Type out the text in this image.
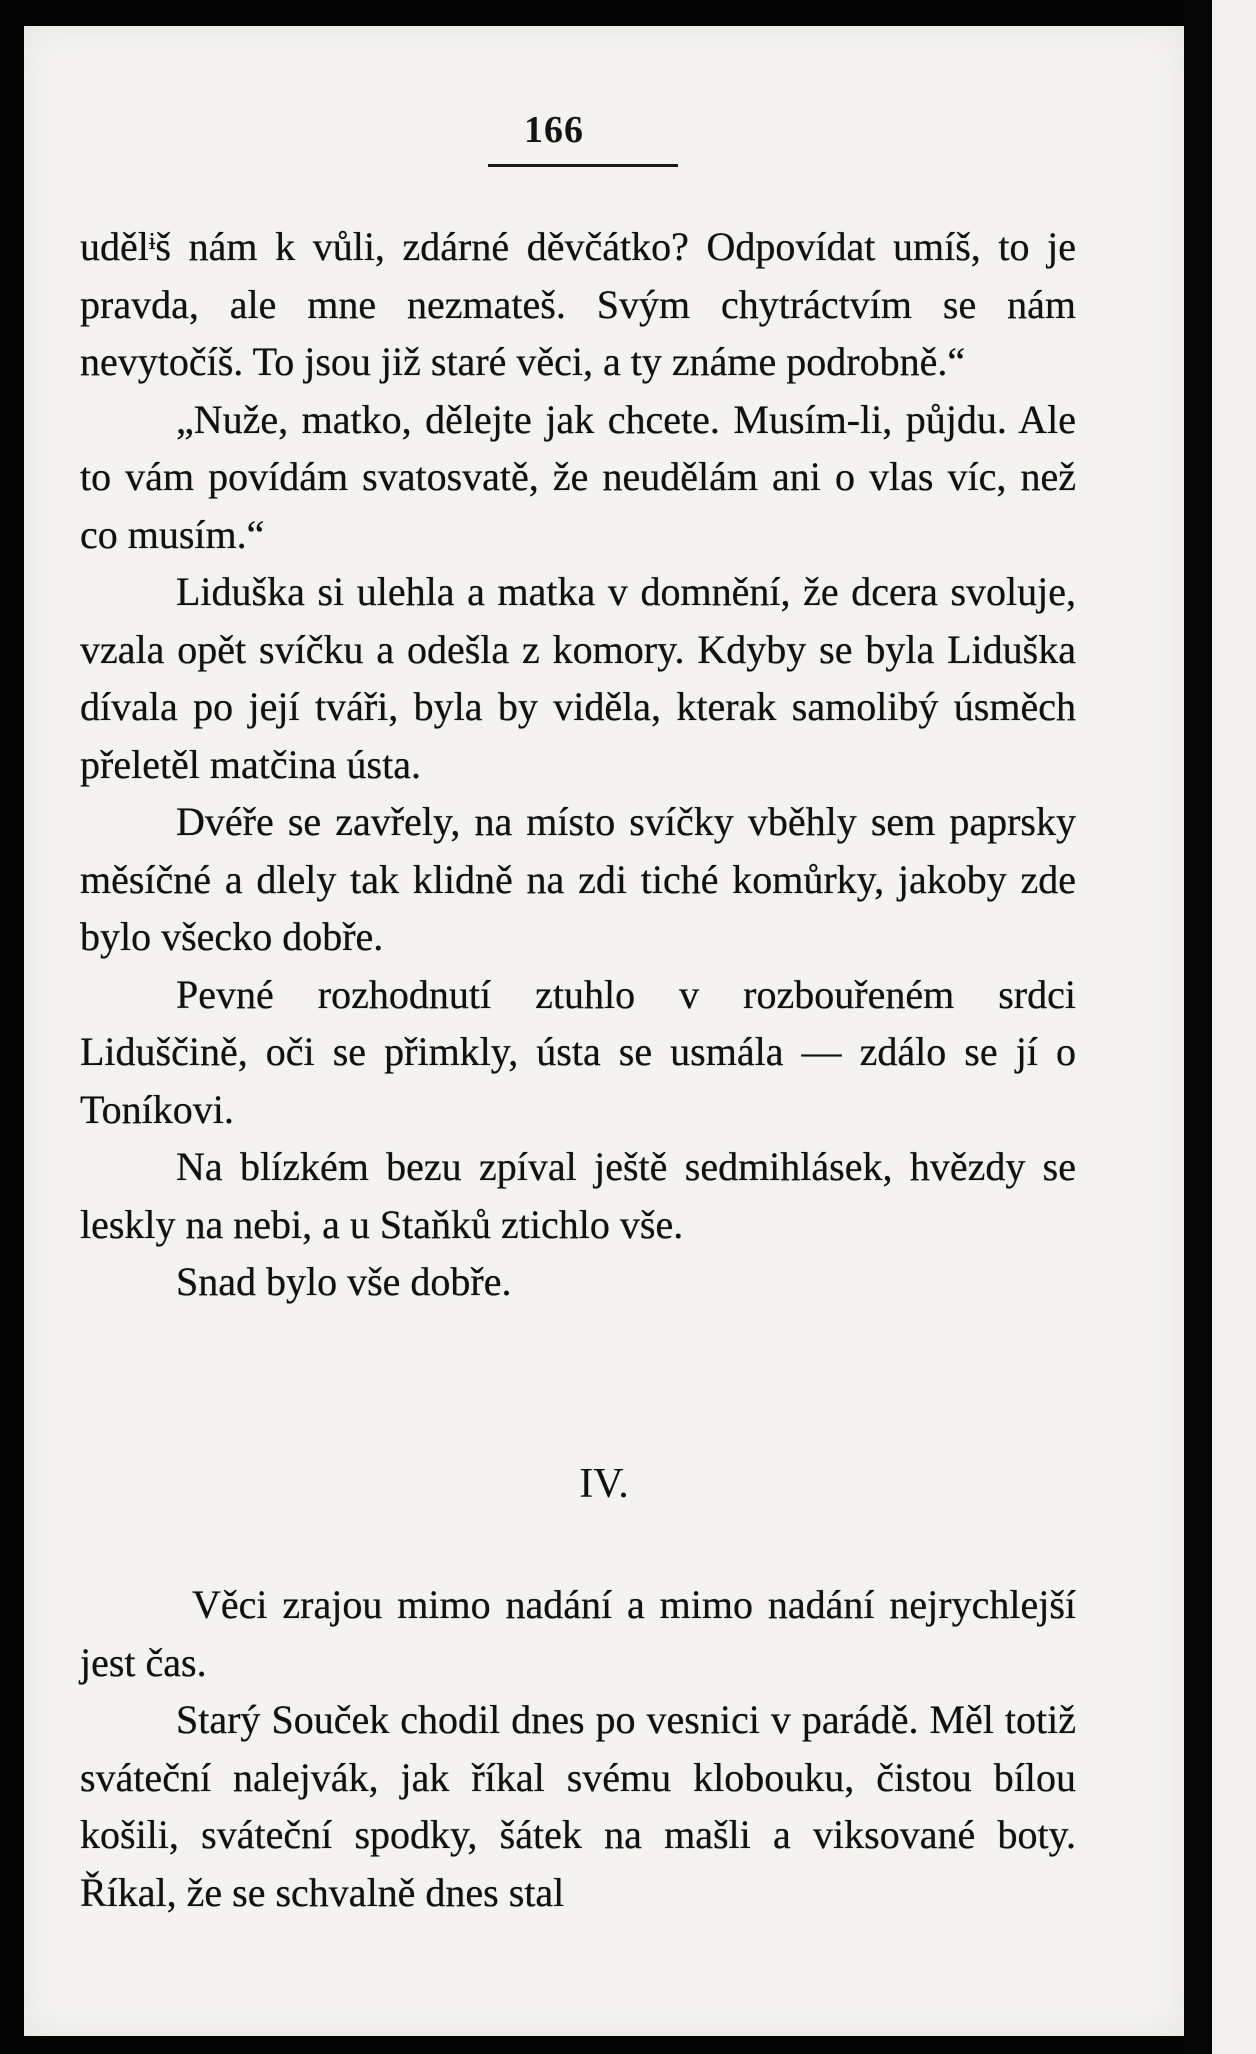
166

udělᶤš nám k vůli, zdárné děvčátko? Odpovídat umíš, to je pravda, ale mne nezmateš. Svým chytráctvím se nám nevytočíš. To jsou již staré věci, a ty známe podrobně.“

„Nuže, matko, dělejte jak chcete. Musím-li, půjdu. Ale to vám povídám svatosvatě, že neudělám ani o vlas víc, než co musím.“

Liduška si ulehla a matka v domnění, že dcera svoluje, vzala opět svíčku a odešla z komory. Kdyby se byla Liduška dívala po její tváři, byla by viděla, kterak samolibý úsměch přeletěl matčina ústa.

Dvéře se zavřely, na místo svíčky vběhly sem paprsky měsíčné a dlely tak klidně na zdi tiché komůrky, jakoby zde bylo všecko dobře.

Pevné rozhodnutí ztuhlo v rozbouřeném srdci Liduščině, oči se přimkly, ústa se usmála — zdálo se jí o Toníkovi.

Na blízkém bezu zpíval ještě sedmihlásek, hvězdy se leskly na nebi, a u Staňků ztichlo vše.

Snad bylo vše dobře.

IV.

Věci zrajou mimo nadání a mimo nadání nejrychlejší jest čas.

Starý Souček chodil dnes po vesnici v parádě. Měl totiž sváteční nalejvák, jak říkal svému klobouku, čistou bílou košili, sváteční spodky, šátek na mašli a viksované boty. Říkal, že se schvalně dnes stal
